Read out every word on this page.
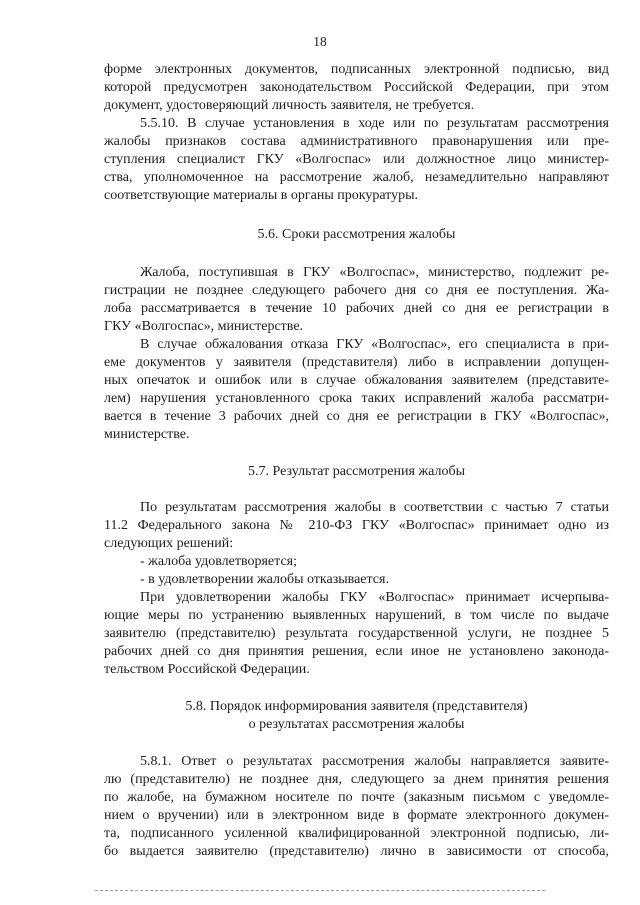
18
форме электронных документов, подписанных электронной подписью, вид
которой предусмотрен законодательством Российской Федерации, при этом
документ, удостоверяющий личность заявителя, не требуется.
5.5.10. В случае установления в ходе или по результатам рассмотрения
жалобы признаков состава административного правонарушения или пре-
ступления специалист ГКУ «Волгоспас» или должностное лицо министер-
ства, уполномоченное на рассмотрение жалоб, незамедлительно направляют
соответствующие материалы в органы прокуратуры.
5.6. Сроки рассмотрения жалобы
Жалоба, поступившая в ГКУ «Волгоспас», министерство, подлежит ре-
гистрации не позднее следующего рабочего дня со дня ее поступления. Жа-
лоба рассматривается в течение 10 рабочих дней со дня ее регистрации в
ГКУ «Волгоспас», министерстве.
В случае обжалования отказа ГКУ «Волгоспас», его специалиста в при-
еме документов у заявителя (представителя) либо в исправлении допущен-
ных опечаток и ошибок или в случае обжалования заявителем (представите-
лем) нарушения установленного срока таких исправлений жалоба рассматри-
вается в течение 3 рабочих дней со дня ее регистрации в ГКУ «Волгоспас»,
министерстве.
5.7. Результат рассмотрения жалобы
По результатам рассмотрения жалобы в соответствии с частью 7 статьи
11.2 Федерального закона № 210-ФЗ ГКУ «Волгоспас» принимает одно из
следующих решений:
- жалоба удовлетворяется;
- в удовлетворении жалобы отказывается.
При удовлетворении жалобы ГКУ «Волгоспас» принимает исчерпыва-
ющие меры по устранению выявленных нарушений, в том числе по выдаче
заявителю (представителю) результата государственной услуги, не позднее 5
рабочих дней со дня принятия решения, если иное не установлено законода-
тельством Российской Федерации.
5.8. Порядок информирования заявителя (представителя)
о результатах рассмотрения жалобы
5.8.1. Ответ о результатах рассмотрения жалобы направляется заявите-
лю (представителю) не позднее дня, следующего за днем принятия решения
по жалобе, на бумажном носителе по почте (заказным письмом с уведомле-
нием о вручении) или в электронном виде в формате электронного докумен-
та, подписанного усиленной квалифицированной электронной подписью, ли-
бо выдается заявителю (представителю) лично в зависимости от способа,
